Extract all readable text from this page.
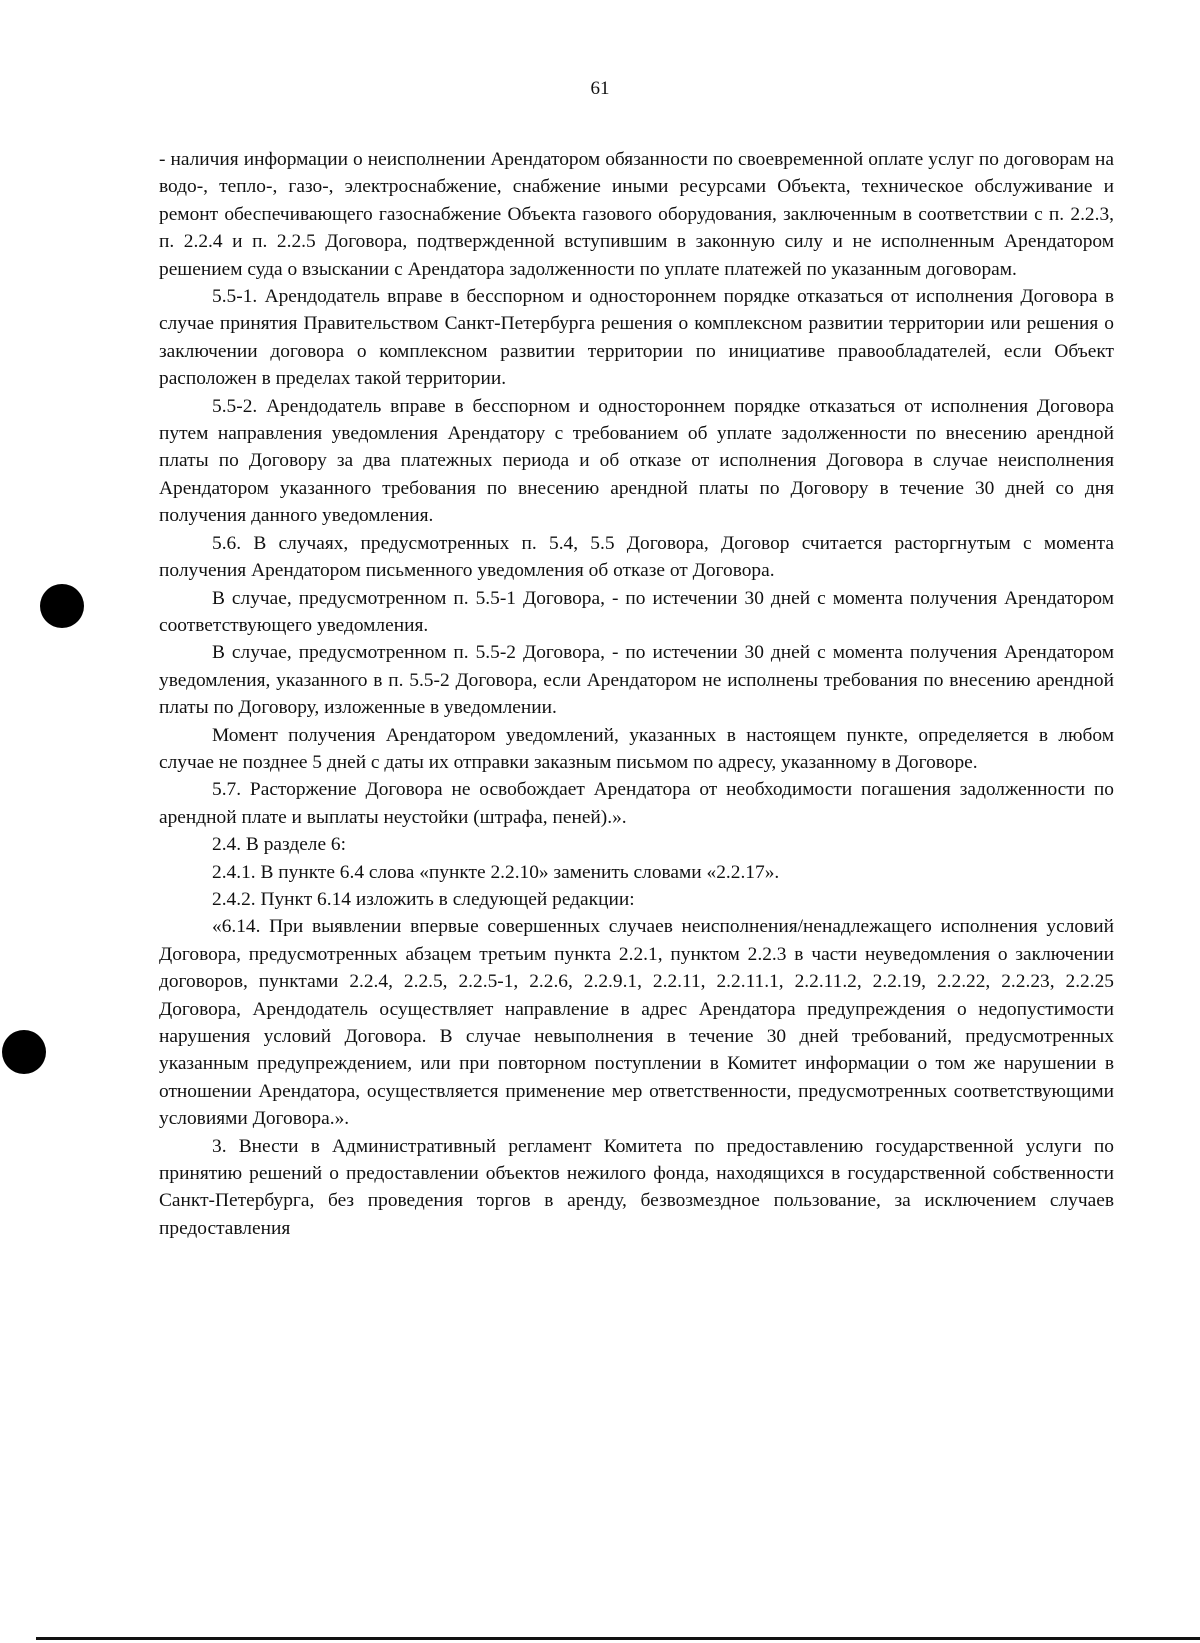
61

- наличия информации о неисполнении Арендатором обязанности по своевременной оплате услуг по договорам на водо-, тепло-, газо-, электроснабжение, снабжение иными ресурсами Объекта, техническое обслуживание и ремонт обеспечивающего газоснабжение Объекта газового оборудования, заключенным в соответствии с п. 2.2.3, п. 2.2.4 и п. 2.2.5 Договора, подтвержденной вступившим в законную силу и не исполненным Арендатором решением суда о взыскании с Арендатора задолженности по уплате платежей по указанным договорам.

5.5-1. Арендодатель вправе в бесспорном и одностороннем порядке отказаться от исполнения Договора в случае принятия Правительством Санкт-Петербурга решения о комплексном развитии территории или решения о заключении договора о комплексном развитии территории по инициативе правообладателей, если Объект расположен в пределах такой территории.

5.5-2. Арендодатель вправе в бесспорном и одностороннем порядке отказаться от исполнения Договора путем направления уведомления Арендатору с требованием об уплате задолженности по внесению арендной платы по Договору за два платежных периода и об отказе от исполнения Договора в случае неисполнения Арендатором указанного требования по внесению арендной платы по Договору в течение 30 дней со дня получения данного уведомления.

5.6. В случаях, предусмотренных п. 5.4, 5.5 Договора, Договор считается расторгнутым с момента получения Арендатором письменного уведомления об отказе от Договора.

В случае, предусмотренном п. 5.5-1 Договора, - по истечении 30 дней с момента получения Арендатором соответствующего уведомления.

В случае, предусмотренном п. 5.5-2 Договора, - по истечении 30 дней с момента получения Арендатором уведомления, указанного в п. 5.5-2 Договора, если Арендатором не исполнены требования по внесению арендной платы по Договору, изложенные в уведомлении.

Момент получения Арендатором уведомлений, указанных в настоящем пункте, определяется в любом случае не позднее 5 дней с даты их отправки заказным письмом по адресу, указанному в Договоре.

5.7. Расторжение Договора не освобождает Арендатора от необходимости погашения задолженности по арендной плате и выплаты неустойки (штрафа, пеней).».

2.4. В разделе 6:

2.4.1. В пункте 6.4 слова «пункте 2.2.10» заменить словами «2.2.17».

2.4.2. Пункт 6.14 изложить в следующей редакции:

«6.14. При выявлении впервые совершенных случаев неисполнения/ненадлежащего исполнения условий Договора, предусмотренных абзацем третьим пункта 2.2.1, пунктом 2.2.3 в части неуведомления о заключении договоров, пунктами 2.2.4, 2.2.5, 2.2.5-1, 2.2.6, 2.2.9.1, 2.2.11, 2.2.11.1, 2.2.11.2, 2.2.19, 2.2.22, 2.2.23, 2.2.25 Договора, Арендодатель осуществляет направление в адрес Арендатора предупреждения о недопустимости нарушения условий Договора. В случае невыполнения в течение 30 дней требований, предусмотренных указанным предупреждением, или при повторном поступлении в Комитет информации о том же нарушении в отношении Арендатора, осуществляется применение мер ответственности, предусмотренных соответствующими условиями Договора.».

3. Внести в Административный регламент Комитета по предоставлению государственной услуги по принятию решений о предоставлении объектов нежилого фонда, находящихся в государственной собственности Санкт-Петербурга, без проведения торгов в аренду, безвозмездное пользование, за исключением случаев предоставления
